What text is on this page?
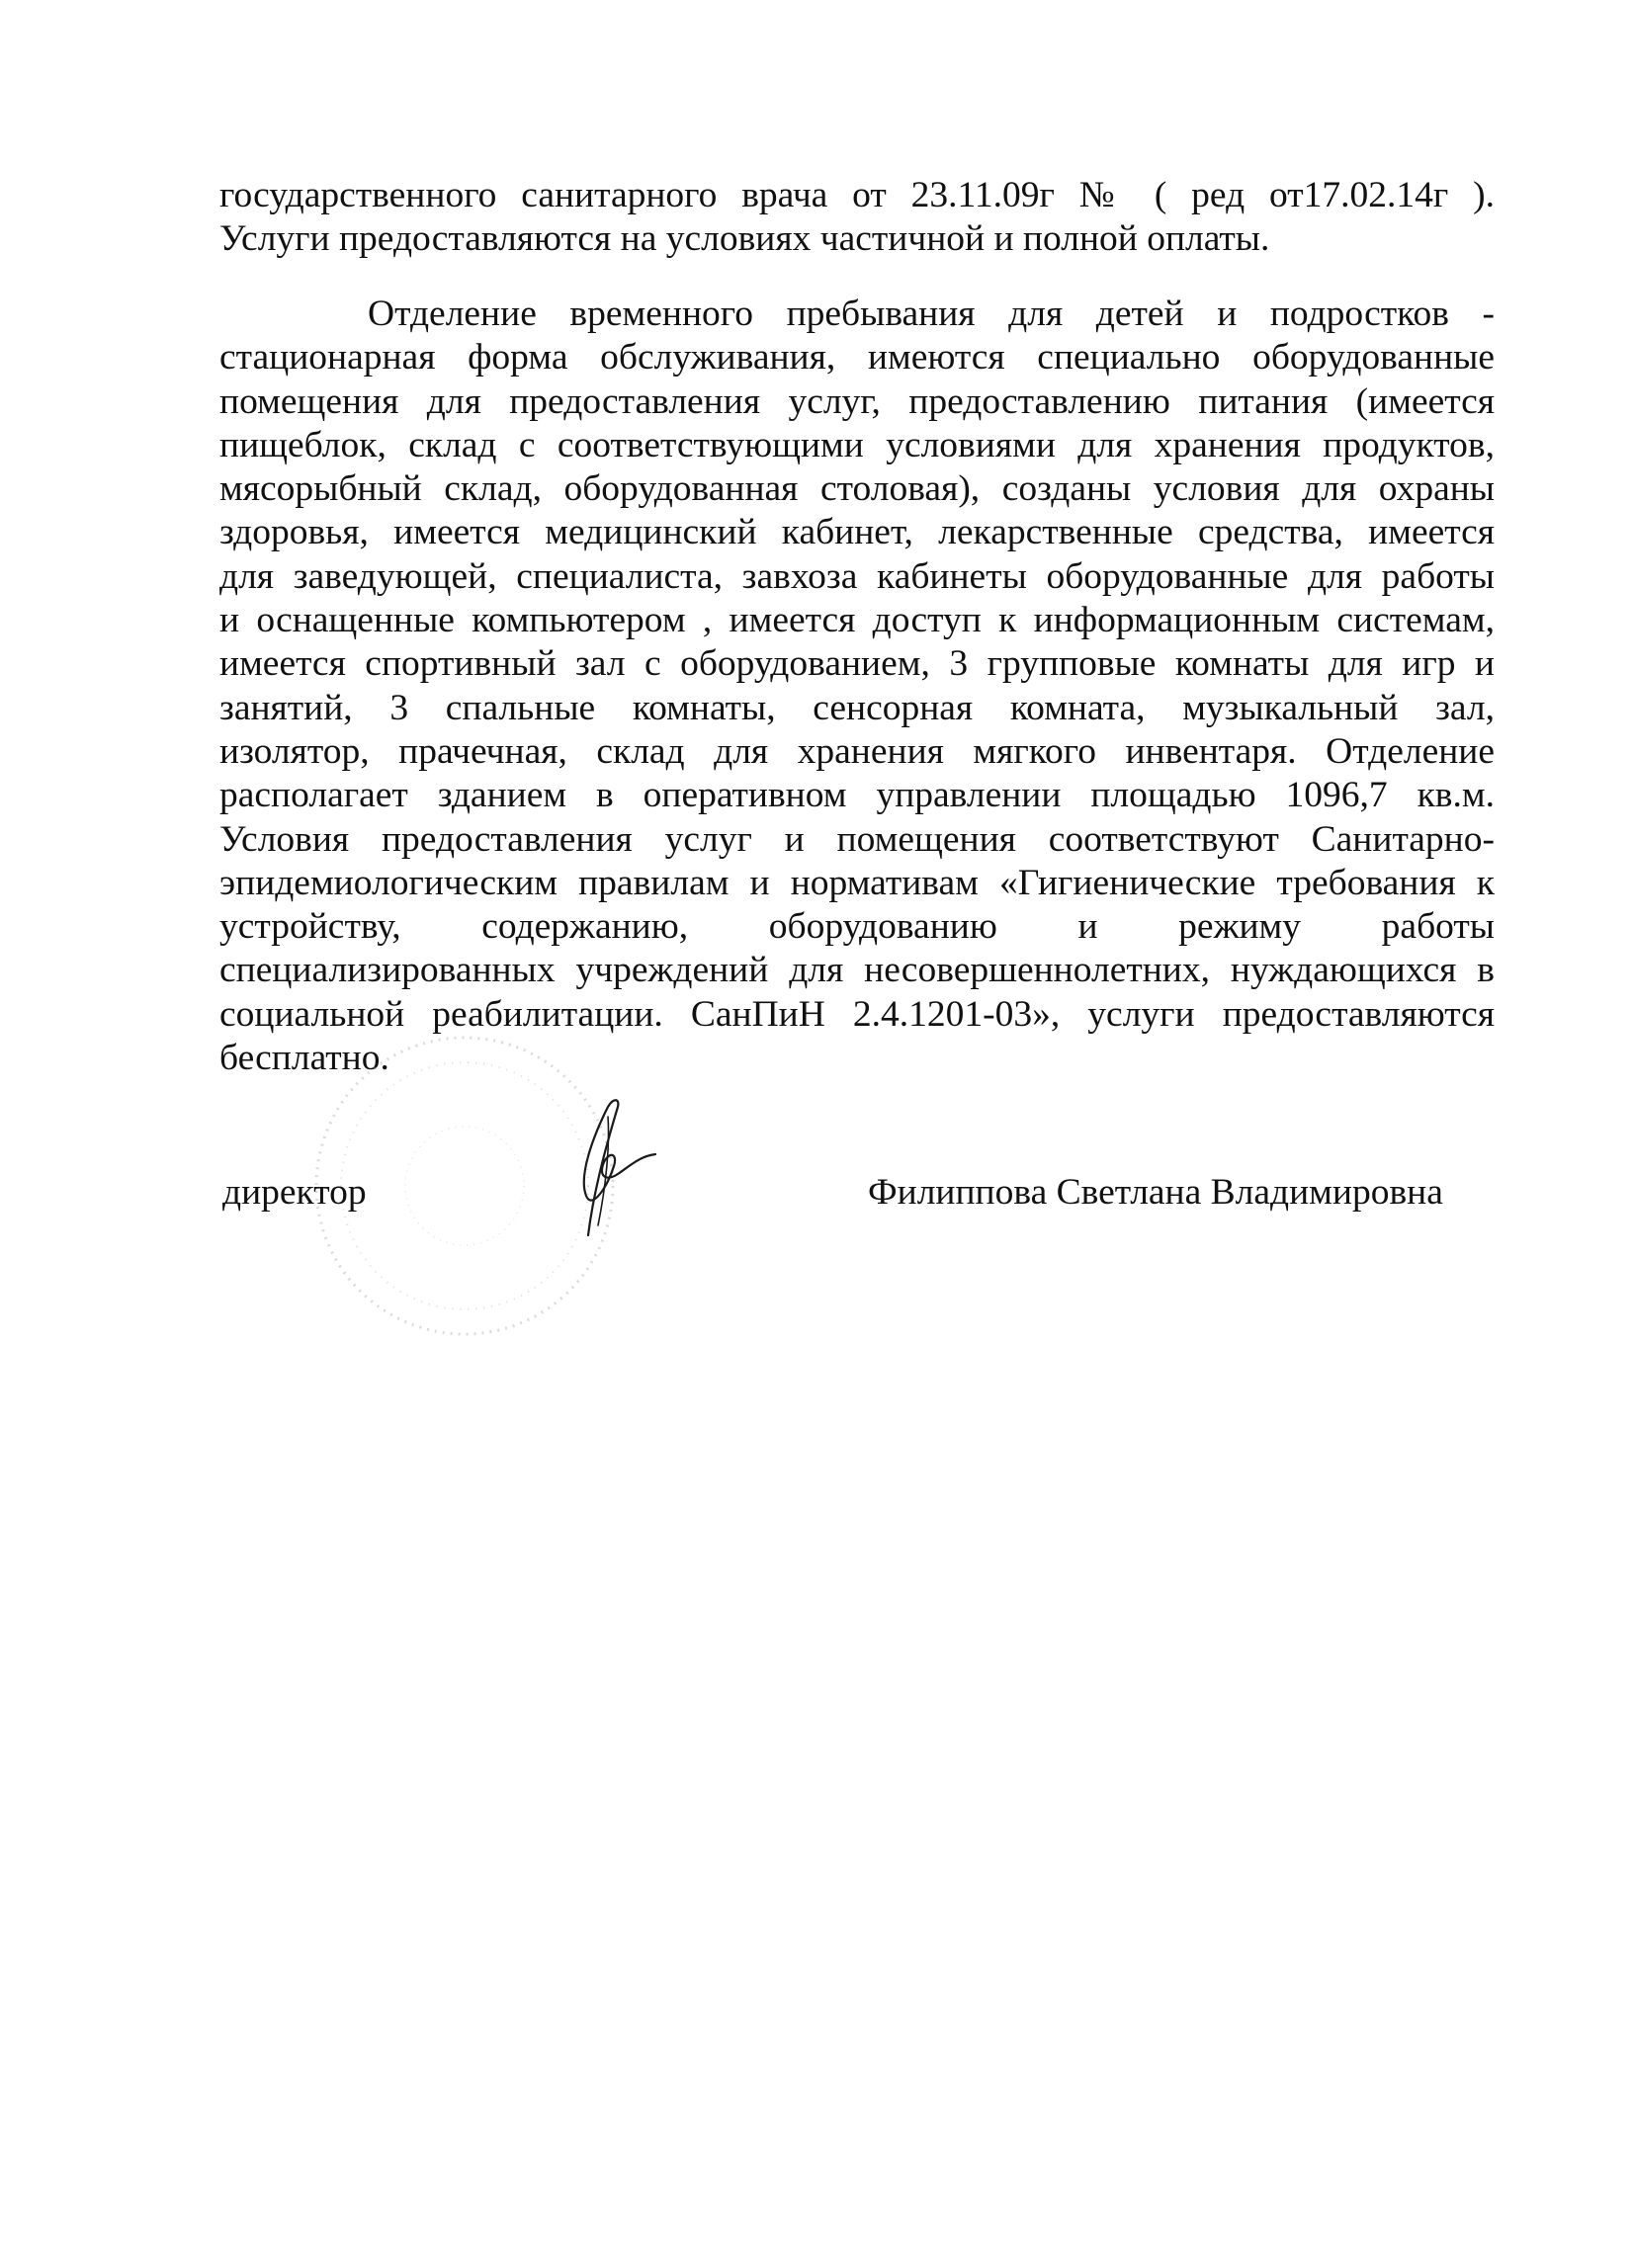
государственного санитарного врача от 23.11.09г № ( ред от17.02.14г ).
Услуги предоставляются на условиях частичной и полной оплаты.
Отделение временного пребывания для детей и подростков -
стационарная форма обслуживания, имеются специально оборудованные
помещения для предоставления услуг, предоставлению питания (имеется
пищеблок, склад с соответствующими условиями для хранения продуктов,
мясорыбный склад, оборудованная столовая), созданы условия для охраны
здоровья, имеется медицинский кабинет, лекарственные средства, имеется
для заведующей, специалиста, завхоза кабинеты оборудованные для работы
и оснащенные компьютером , имеется доступ к информационным системам,
имеется спортивный зал с оборудованием, 3 групповые комнаты для игр и
занятий, 3 спальные комнаты, сенсорная комната, музыкальный зал,
изолятор, прачечная, склад для хранения мягкого инвентаря. Отделение
располагает зданием в оперативном управлении площадью 1096,7 кв.м.
Условия предоставления услуг и помещения соответствуют Санитарно-
эпидемиологическим правилам и нормативам «Гигиенические требования к
устройству, содержанию, оборудованию и режиму работы
специализированных учреждений для несовершеннолетних, нуждающихся в
социальной реабилитации. СанПиН 2.4.1201-03», услуги предоставляются
бесплатно.
директор	Филиппова Светлана Владимировна
